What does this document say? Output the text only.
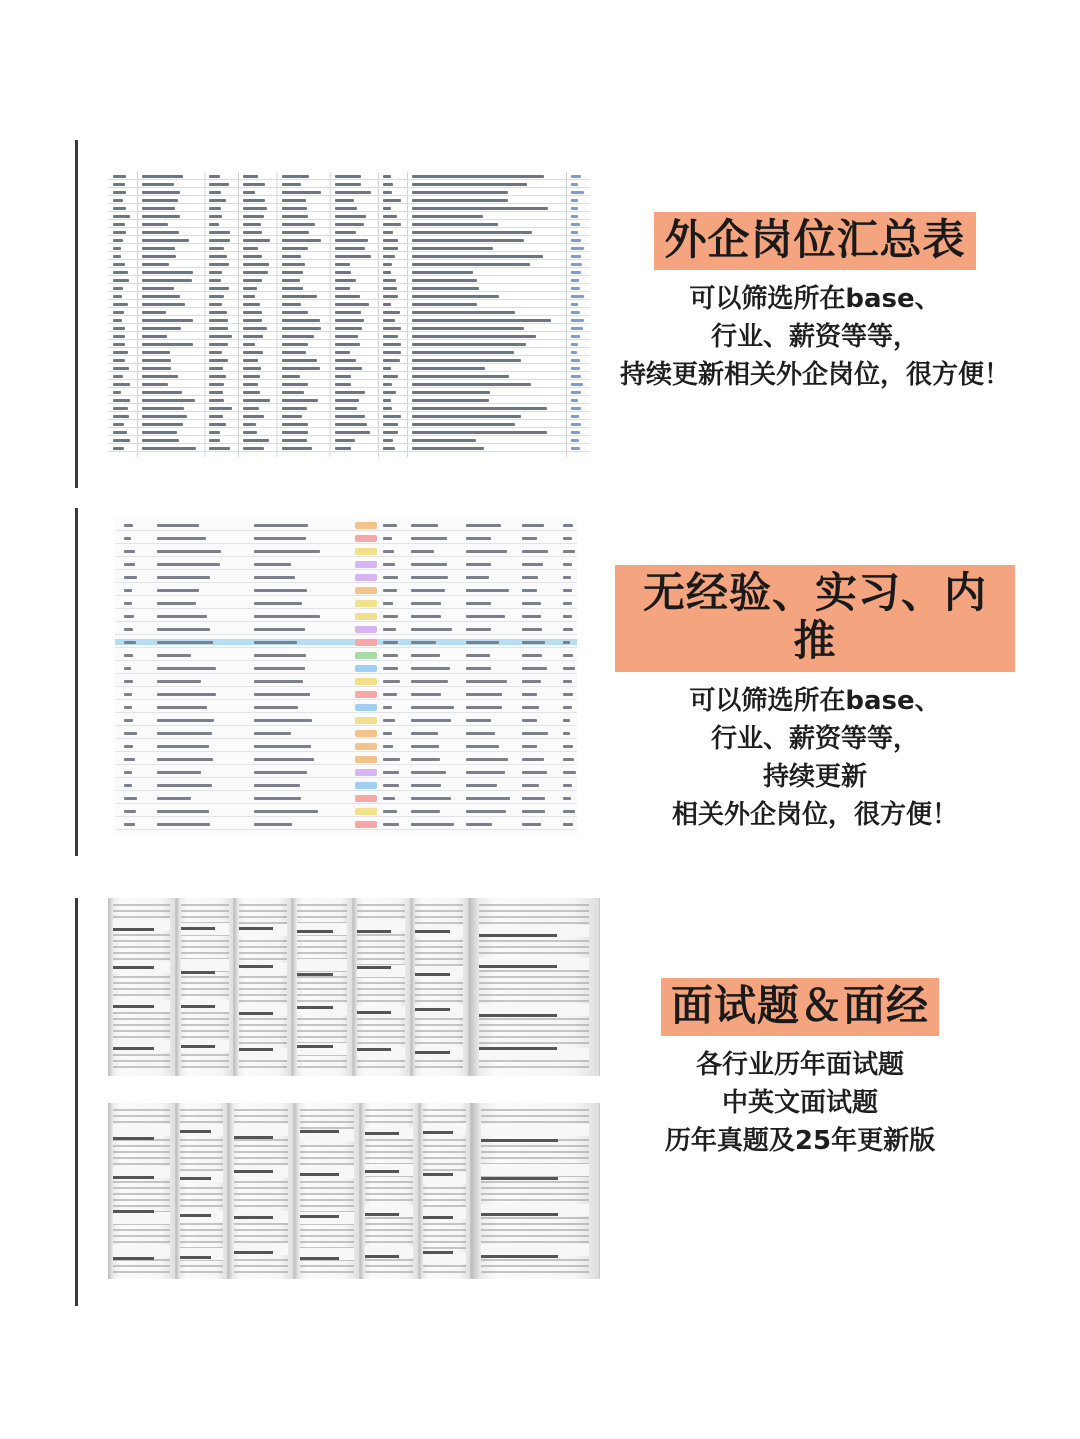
外企岗位汇总表
可以筛选所在base、
行业、薪资等等，
持续更新相关外企岗位，很方便！
无经验、实习、内推
可以筛选所在base、
行业、薪资等等，
持续更新
相关外企岗位，很方便！
面试题＆面经
各行业历年面试题
中英文面试题
历年真题及25年更新版
